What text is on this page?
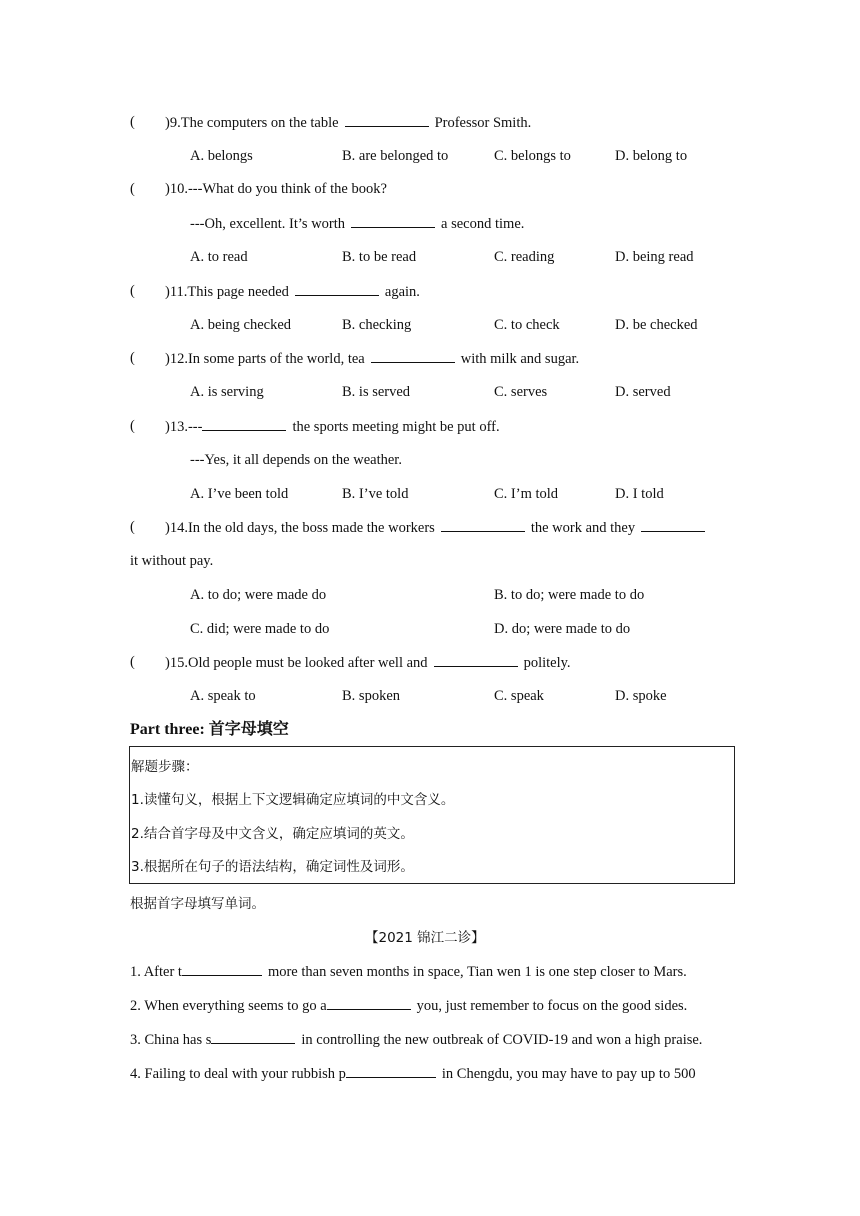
( )9.The computers on the table	Professor Smith.
A. belongs	B. are belonged to	C. belongs to	D. belong to
( )10.---What do you think of the book?
---Oh, excellent. It’s worth	a second time.
A. to read	B. to be read	C. reading	D. being read
( )11.This page needed	again.
A. being checked	B. checking	C. to check	D. be checked
( )12.In some parts of the world, tea	with milk and sugar.
A. is serving	B. is served	C. serves	D. served
( )13.---	the sports meeting might be put off.
---Yes, it all depends on the weather.
A. I’ve been told	B. I’ve told	C. I’m told	D. I told
( )14.In the old days, the boss made the workers	the work and they
it without pay.
A. to do; were made do	B. to do; were made to do
C. did; were made to do	D. do; were made to do
( )15.Old people must be looked after well and	politely.
A. speak to	B. spoken	C. speak	D. spoke
Part three: 首字母填空
解题步骤：
1.读懂句义，根据上下文逻辑确定应填词的中文含义。
2.结合首字母及中文含义，确定应填词的英文。
3.根据所在句子的语法结构，确定词性及词形。
根据首字母填写单词。
【2021 锦江二诊】
1. After t	more than seven months in space, Tian wen 1 is one step closer to Mars.
2. When everything seems to go a	you, just remember to focus on the good sides.
3. China has s	in controlling the new outbreak of COVID-19 and won a high praise.
4. Failing to deal with your rubbish p	in Chengdu, you may have to pay up to 500
